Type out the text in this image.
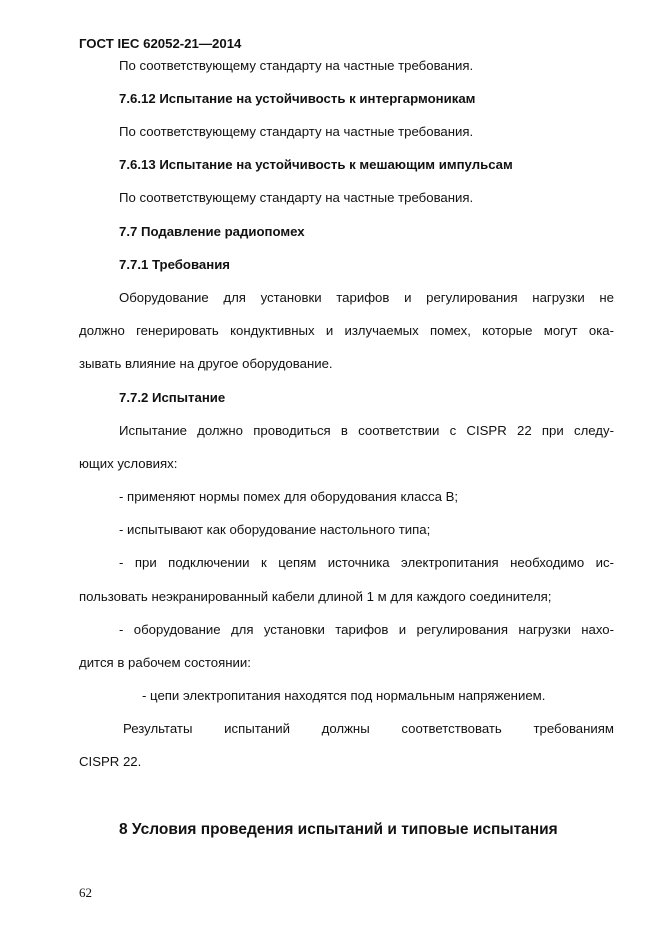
ГОСТ IEC 62052-21—2014
По соответствующему стандарту на частные требования.
7.6.12 Испытание на устойчивость к интергармоникам
По соответствующему стандарту на частные требования.
7.6.13 Испытание на устойчивость к мешающим импульсам
По соответствующему стандарту на частные требования.
7.7 Подавление радиопомех
7.7.1 Требования
Оборудование для установки тарифов и регулирования нагрузки не
должно генерировать кондуктивных и излучаемых помех, которые могут ока-
зывать влияние на другое оборудование.
7.7.2 Испытание
Испытание должно проводиться в соответствии с CISPR 22 при следу-
ющих условиях:
- применяют нормы помех для оборудования класса В;
- испытывают как оборудование настольного типа;
- при подключении к цепям источника электропитания необходимо ис-
пользовать неэкранированный кабели длиной 1 м для каждого соединителя;
- оборудование для установки тарифов и регулирования нагрузки нахо-
дится в рабочем состоянии:
- цепи электропитания находятся под нормальным напряжением.
Результаты испытаний должны соответствовать требованиям
CISPR 22.
8 Условия проведения испытаний и типовые испытания
62
